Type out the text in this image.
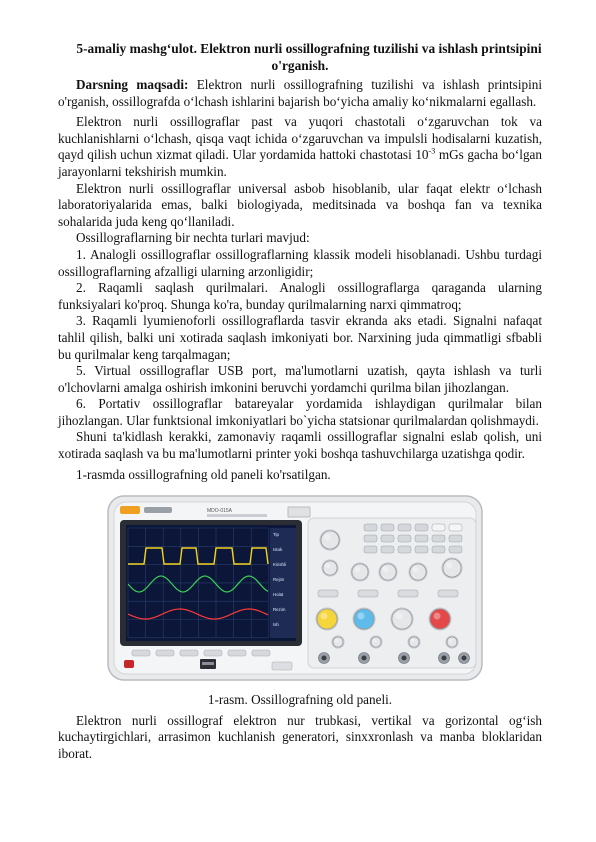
5-amaliy mashg‘ulot. Elektron nurli ossillografning tuzilishi va ishlash printsipini o'rganish.

Darsning maqsadi: Elektron nurli ossillografning tuzilishi va ishlash printsipini o'rganish, ossillografda o‘lchash ishlarini bajarish bo‘yicha amaliy ko‘nikmalarni egallash.

Elektron nurli ossillograflar past va yuqori chastotali o‘zgaruvchan tok va kuchlanishlarni o‘lchash, qisqa vaqt ichida o‘zgaruvchan va impulsli hodisalarni kuzatish, qayd qilish uchun xizmat qiladi. Ular yordamida hattoki chastotasi $10^{-3}$ mGs gacha bo‘lgan jarayonlarni tekshirish mumkin.

Elektron nurli ossillograflar universal asbob hisoblanib, ular faqat elektr o‘lchash laboratoriyalarida emas, balki biologiyada, meditsinada va boshqa fan va texnika sohalarida juda keng qo‘llaniladi.

Ossillograflarning bir nechta turlari mavjud:

1. Analogli ossillograflar ossillograflarning klassik modeli hisoblanadi. Ushbu turdagi ossillograflarning afzalligi ularning arzonligidir;

2. Raqamli saqlash qurilmalari. Analogli ossillograflarga qaraganda ularning funksiyalari ko'proq. Shunga ko'ra, bunday qurilmalarning narxi qimmatroq;

3. Raqamli lyumienoforli ossillograflarda tasvir ekranda aks etadi. Signalni nafaqat tahlil qilish, balki uni xotirada saqlash imkoniyati bor. Narxining juda qimmatligi sfbabli bu qurilmalar keng tarqalmagan;

5. Virtual ossillograflar USB port, ma'lumotlarni uzatish, qayta ishlash va turli o'lchovlarni amalga oshirish imkonini beruvchi yordamchi qurilma bilan jihozlangan.

6. Portativ ossillograflar batareyalar yordamida ishlaydigan qurilmalar bilan jihozlangan. Ular funktsional imkoniyatlari bo`yicha statsionar qurilmalardan qolishmaydi.

Shuni ta'kidlash kerakki, zamonaviy raqamli ossillograflar signalni eslab qolish, uni xotirada saqlash va bu ma'lumotlarni printer yoki boshqa tashuvchilarga uzatishga qodir.

1-rasmda ossillografning old paneli ko'rsatilgan.

MDO-015A
Tip
Istok
Kirishli
Rejim
Holat
Rezim
Ish

1-rasm. Ossillografning old paneli.

Elektron nurli ossillograf elektron nur trubkasi, vertikal va gorizontal og‘ish kuchaytirgichlari, arrasimon kuchlanish generatori, sinxxronlash va manba bloklaridan iborat.
